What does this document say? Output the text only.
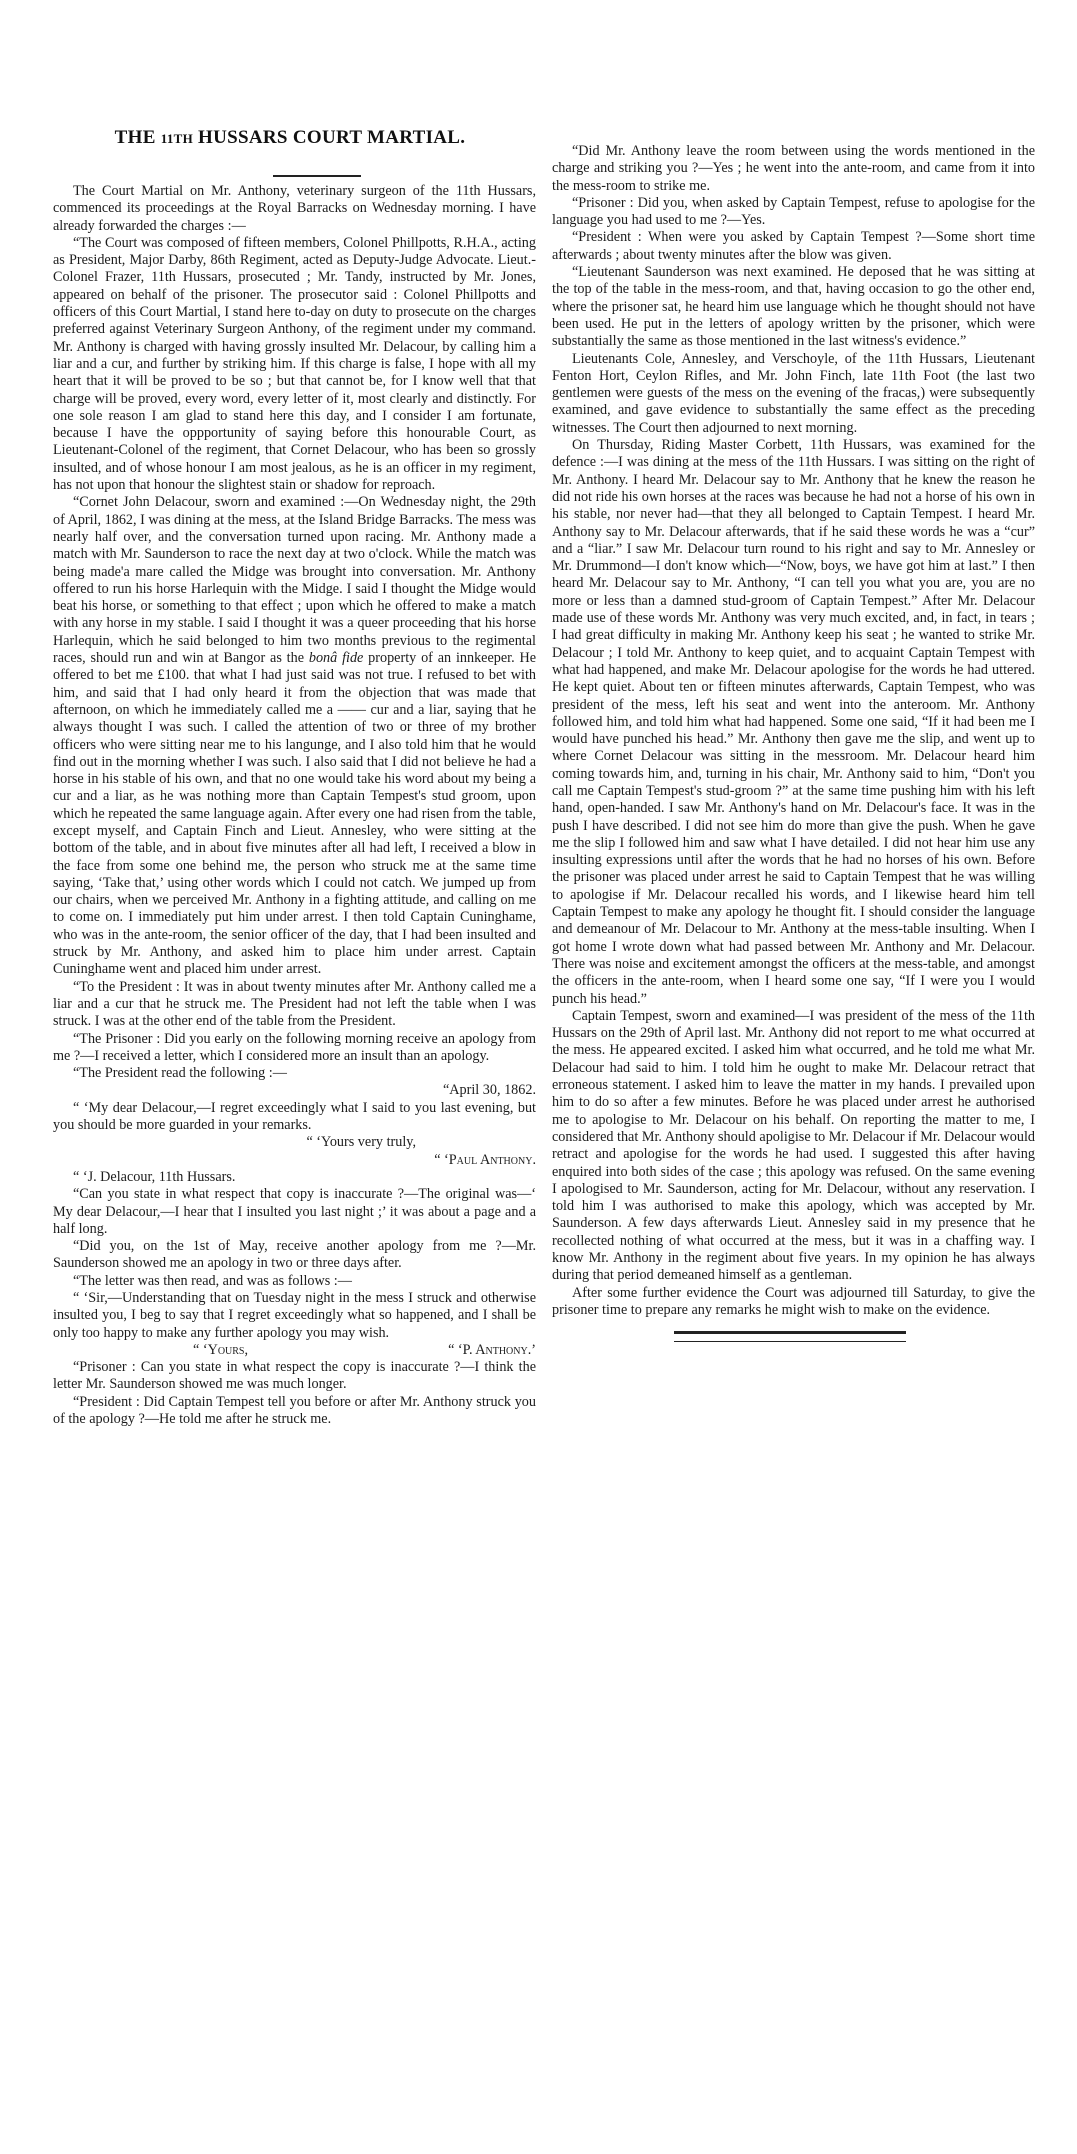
THE 11TH HUSSARS COURT MARTIAL.

The Court Martial on Mr. Anthony, veterinary surgeon of the 11th Hussars, commenced its proceedings at the Royal Barracks on Wednesday morning. I have already forwarded the charges :—

“The Court was composed of fifteen members, Colonel Phillpotts, R.H.A., acting as President, Major Darby, 86th Regiment, acted as Deputy-Judge Advocate. Lieut.-Colonel Frazer, 11th Hussars, prosecuted ; Mr. Tandy, instructed by Mr. Jones, appeared on behalf of the prisoner. The prosecutor said : Colonel Phillpotts and officers of this Court Martial, I stand here to-day on duty to prosecute on the charges preferred against Veterinary Surgeon Anthony, of the regiment under my command. Mr. Anthony is charged with having grossly insulted Mr. Delacour, by calling him a liar and a cur, and further by striking him. If this charge is false, I hope with all my heart that it will be proved to be so ; but that cannot be, for I know well that that charge will be proved, every word, every letter of it, most clearly and distinctly. For one sole reason I am glad to stand here this day, and I consider I am fortunate, because I have the oppportunity of saying before this honourable Court, as Lieutenant-Colonel of the regiment, that Cornet Delacour, who has been so grossly insulted, and of whose honour I am most jealous, as he is an officer in my regiment, has not upon that honour the slightest stain or shadow for reproach.

“Cornet John Delacour, sworn and examined :—On Wednesday night, the 29th of April, 1862, I was dining at the mess, at the Island Bridge Barracks. The mess was nearly half over, and the conversation turned upon racing. Mr. Anthony made a match with Mr. Saunderson to race the next day at two o'clock. While the match was being made'a mare called the Midge was brought into conversation. Mr. Anthony offered to run his horse Harlequin with the Midge. I said I thought the Midge would beat his horse, or something to that effect ; upon which he offered to make a match with any horse in my stable. I said I thought it was a queer proceeding that his horse Harlequin, which he said belonged to him two months previous to the regimental races, should run and win at Bangor as the bonâ fide property of an innkeeper. He offered to bet me £100. that what I had just said was not true. I refused to bet with him, and said that I had only heard it from the objection that was made that afternoon, on which he immediately called me a —— cur and a liar, saying that he always thought I was such. I called the attention of two or three of my brother officers who were sitting near me to his langunge, and I also told him that he would find out in the morning whether I was such. I also said that I did not believe he had a horse in his stable of his own, and that no one would take his word about my being a cur and a liar, as he was nothing more than Captain Tempest's stud groom, upon which he repeated the same language again. After every one had risen from the table, except myself, and Captain Finch and Lieut. Annesley, who were sitting at the bottom of the table, and in about five minutes after all had left, I received a blow in the face from some one behind me, the person who struck me at the same time saying, ‘Take that,’ using other words which I could not catch. We jumped up from our chairs, when we perceived Mr. Anthony in a fighting attitude, and calling on me to come on. I immediately put him under arrest. I then told Captain Cuninghame, who was in the ante-room, the senior officer of the day, that I had been insulted and struck by Mr. Anthony, and asked him to place him under arrest. Captain Cuninghame went and placed him under arrest.

“To the President : It was in about twenty minutes after Mr. Anthony called me a liar and a cur that he struck me. The President had not left the table when I was struck. I was at the other end of the table from the President.

“The Prisoner : Did you early on the following morning receive an apology from me ?—I received a letter, which I considered more an insult than an apology.

“The President read the following :—

“April 30, 1862.

“ ‘My dear Delacour,—I regret exceedingly what I said to you last evening, but you should be more guarded in your remarks.

“ ‘Yours very truly,

“ ‘Paul Anthony.

“ ‘J. Delacour, 11th Hussars.

“Can you state in what respect that copy is inaccurate ?—The original was—‘ My dear Delacour,—I hear that I insulted you last night ;’ it was about a page and a half long.

“Did you, on the 1st of May, receive another apology from me ?—Mr. Saunderson showed me an apology in two or three days after.

“The letter was then read, and was as follows :—

“ ‘Sir,—Understanding that on Tuesday night in the mess I struck and otherwise insulted you, I beg to say that I regret exceedingly what so happened, and I shall be only too happy to make any further apology you may wish.

“ ‘Yours,	“ ‘P. Anthony.’

“Prisoner : Can you state in what respect the copy is inaccurate ?—I think the letter Mr. Saunderson showed me was much longer.

“President : Did Captain Tempest tell you before or after Mr. Anthony struck you of the apology ?—He told me after he struck me.

“Did Mr. Anthony leave the room between using the words mentioned in the charge and striking you ?—Yes ; he went into the ante-room, and came from it into the mess-room to strike me.

“Prisoner : Did you, when asked by Captain Tempest, refuse to apologise for the language you had used to me ?—Yes.

“President : When were you asked by Captain Tempest ?—Some short time afterwards ; about twenty minutes after the blow was given.

“Lieutenant Saunderson was next examined. He deposed that he was sitting at the top of the table in the mess-room, and that, having occasion to go the other end, where the prisoner sat, he heard him use language which he thought should not have been used. He put in the letters of apology written by the prisoner, which were substantially the same as those mentioned in the last witness's evidence.”

Lieutenants Cole, Annesley, and Verschoyle, of the 11th Hussars, Lieutenant Fenton Hort, Ceylon Rifles, and Mr. John Finch, late 11th Foot (the last two gentlemen were guests of the mess on the evening of the fracas,) were subsequently examined, and gave evidence to substantially the same effect as the preceding witnesses. The Court then adjourned to next morning.

On Thursday, Riding Master Corbett, 11th Hussars, was examined for the defence :—I was dining at the mess of the 11th Hussars. I was sitting on the right of Mr. Anthony. I heard Mr. Delacour say to Mr. Anthony that he knew the reason he did not ride his own horses at the races was because he had not a horse of his own in his stable, nor never had—that they all belonged to Captain Tempest. I heard Mr. Anthony say to Mr. Delacour afterwards, that if he said these words he was a “cur” and a “liar.” I saw Mr. Delacour turn round to his right and say to Mr. Annesley or Mr. Drummond—I don't know which—“Now, boys, we have got him at last.” I then heard Mr. Delacour say to Mr. Anthony, “I can tell you what you are, you are no more or less than a damned stud-groom of Captain Tempest.” After Mr. Delacour made use of these words Mr. Anthony was very much excited, and, in fact, in tears ; I had great difficulty in making Mr. Anthony keep his seat ; he wanted to strike Mr. Delacour ; I told Mr. Anthony to keep quiet, and to acquaint Captain Tempest with what had happened, and make Mr. Delacour apologise for the words he had uttered. He kept quiet. About ten or fifteen minutes afterwards, Captain Tempest, who was president of the mess, left his seat and went into the anteroom. Mr. Anthony followed him, and told him what had happened. Some one said, “If it had been me I would have punched his head.” Mr. Anthony then gave me the slip, and went up to where Cornet Delacour was sitting in the messroom. Mr. Delacour heard him coming towards him, and, turning in his chair, Mr. Anthony said to him, “Don't you call me Captain Tempest's stud-groom ?” at the same time pushing him with his left hand, open-handed. I saw Mr. Anthony's hand on Mr. Delacour's face. It was in the push I have described. I did not see him do more than give the push. When he gave me the slip I followed him and saw what I have detailed. I did not hear him use any insulting expressions until after the words that he had no horses of his own. Before the prisoner was placed under arrest he said to Captain Tempest that he was willing to apologise if Mr. Delacour recalled his words, and I likewise heard him tell Captain Tempest to make any apology he thought fit. I should consider the language and demeanour of Mr. Delacour to Mr. Anthony at the mess-table insulting. When I got home I wrote down what had passed between Mr. Anthony and Mr. Delacour. There was noise and excitement amongst the officers at the mess-table, and amongst the officers in the ante-room, when I heard some one say, “If I were you I would punch his head.”

Captain Tempest, sworn and examined—I was president of the mess of the 11th Hussars on the 29th of April last. Mr. Anthony did not report to me what occurred at the mess. He appeared excited. I asked him what occurred, and he told me what Mr. Delacour had said to him. I told him he ought to make Mr. Delacour retract that erroneous statement. I asked him to leave the matter in my hands. I prevailed upon him to do so after a few minutes. Before he was placed under arrest he authorised me to apologise to Mr. Delacour on his behalf. On reporting the matter to me, I considered that Mr. Anthony should apoligise to Mr. Delacour if Mr. Delacour would retract and apologise for the words he had used. I suggested this after having enquired into both sides of the case ; this apology was refused. On the same evening I apologised to Mr. Saunderson, acting for Mr. Delacour, without any reservation. I told him I was authorised to make this apology, which was accepted by Mr. Saunderson. A few days afterwards Lieut. Annesley said in my presence that he recollected nothing of what occurred at the mess, but it was in a chaffing way. I know Mr. Anthony in the regiment about five years. In my opinion he has always during that period demeaned himself as a gentleman.

After some further evidence the Court was adjourned till Saturday, to give the prisoner time to prepare any remarks he might wish to make on the evidence.
